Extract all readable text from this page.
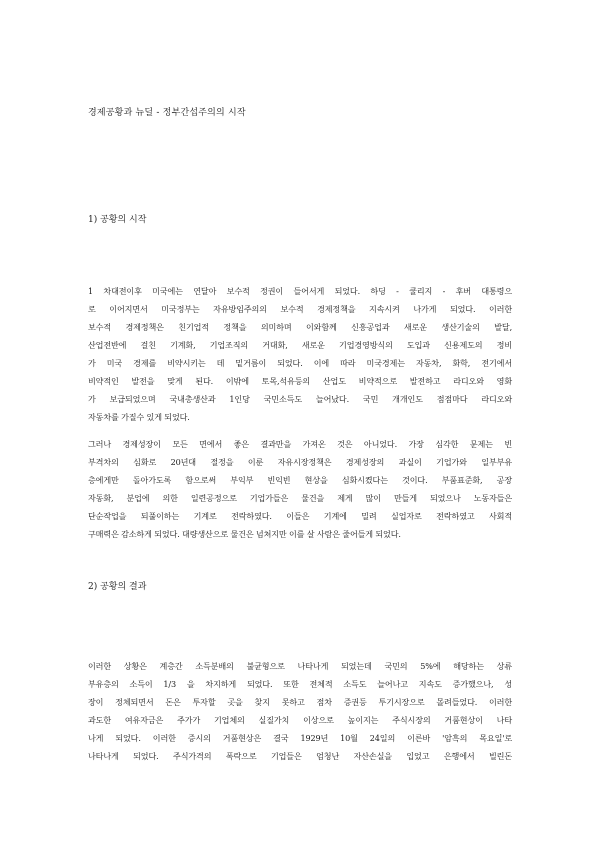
경제공황과 뉴딜 - 정부간섭주의의 시작
1) 공황의 시작
1 차대전이후 미국에는 연달아 보수적 정권이 들어서게 되었다. 하딩 - 쿨리지 - 후버 대통령으
로 이어지면서 미국정부는 자유방임주의의 보수적 경제정책을 지속시켜 나가게 되었다. 이러한
보수적 경제정책은 친기업적 정책을 의미하며 이와함께 신흥공업과 새로운 생산기술의 발달,
산업전반에 걸친 기계화, 기업조직의 거대화, 새로운 기업경영방식의 도입과 신용제도의 정비
가 미국 경제를 비약시키는 데 밑거름이 되었다. 이에 따라 미국경제는 자동차, 화학, 전기에서
비약적인 발전을 맞게 된다. 이밖에 토목,석유등의 산업도 비약적으로 발전하고 라디오와 영화
가 보급되었으며 국내총생산과 1인당 국민소득도 늘어났다. 국민 개개인도 점점마다 라디오와
자동차를 가질수 있게 되었다.
그러나 경제성장이 모든 면에서 좋은 결과만을 가져온 것은 아니었다. 가장 심각한 문제는 빈
부격차의 심화로 20년대 절정을 이룬 자유시장정책은 경제성장의 과실이 기업가와 일부부유
층에게만 돌아가도록 함으로써 부익부 빈익빈 현상을 심화시켰다는 것이다. 부품표준화, 공장
자동화, 분업에 의한 일련공정으로 기업가들은 물건을 제게 많이 만들게 되었으나 노동자들은
단순작업을 되풀이하는 기계로 전락하였다. 이들은 기계에 밀려 실업자로 전락하였고 사회적
구매력은 감소하게 되었다. 대량생산으로 물건은 넘쳐지만 이를 살 사람은 줄어들게 되었다.
2) 공황의 결과
이러한 상황은 계층간 소득분배의 불균형으로 나타나게 되었는데 국민의 5%에 해당하는 상류
부유층의 소득이 1/3 을 차지하게 되었다. 또한 전체적 소득도 늘어나고 지속도 증가했으나, 성
장이 정체되면서 돈은 투자할 곳을 찾지 못하고 점차 증권등 투기시장으로 몰려들었다. 이러한
과도한 여유자금은 주가가 기업체의 실질가치 이상으로 높이지는 주식시장의 거품현상이 나타
나게 되었다. 이러한 증시의 거품현상은 결국 1929년 10월 24일의 이른바 '암흑의 목요일'로
나타나게 되었다. 주식가격의 폭락으로 기업들은 엄청난 자산손실을 입었고 은행에서 빌린돈
